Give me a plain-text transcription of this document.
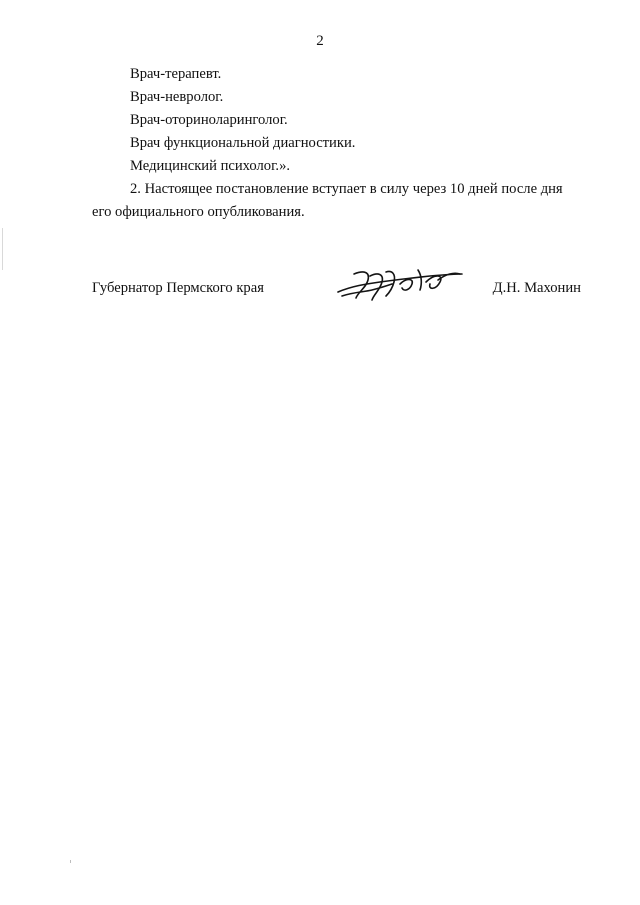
2
Врач-терапевт.
Врач-невролог.
Врач-оториноларинголог.
Врач функциональной диагностики.
Медицинский психолог.».
2. Настоящее постановление вступает в силу через 10 дней после дня
его официального опубликования.
Губернатор Пермского края	Д.Н. Махонин
